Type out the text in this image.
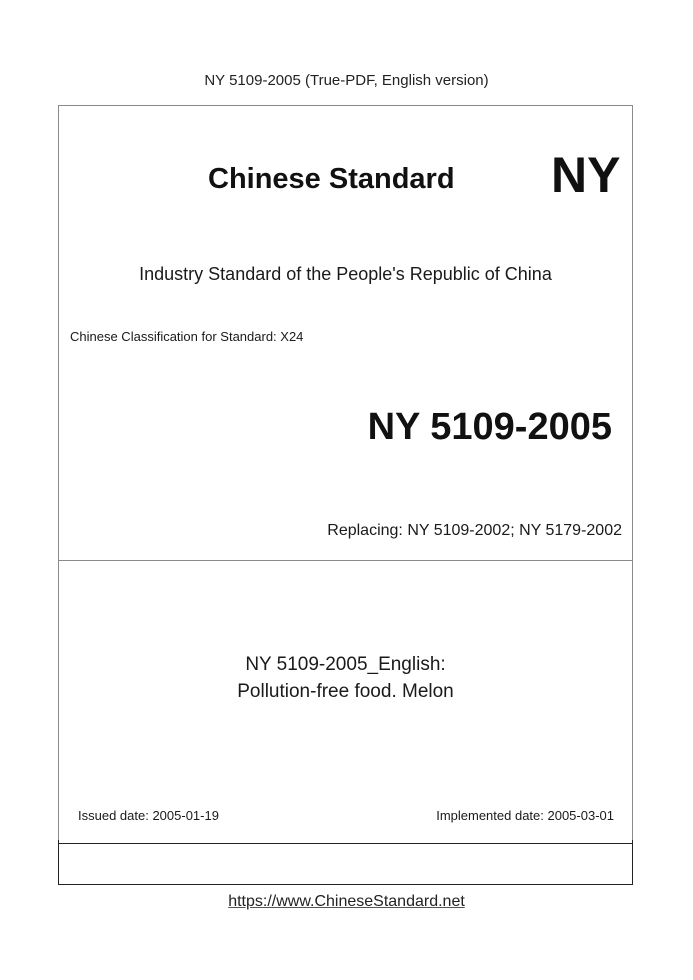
NY 5109-2005 (True-PDF, English version)
Chinese Standard NY
Industry Standard of the People's Republic of China
Chinese Classification for Standard: X24
NY 5109-2005
Replacing: NY 5109-2002; NY 5179-2002
NY 5109-2005_English:
Pollution-free food. Melon
Issued date: 2005-01-19	Implemented date: 2005-03-01
https://www.ChineseStandard.net
